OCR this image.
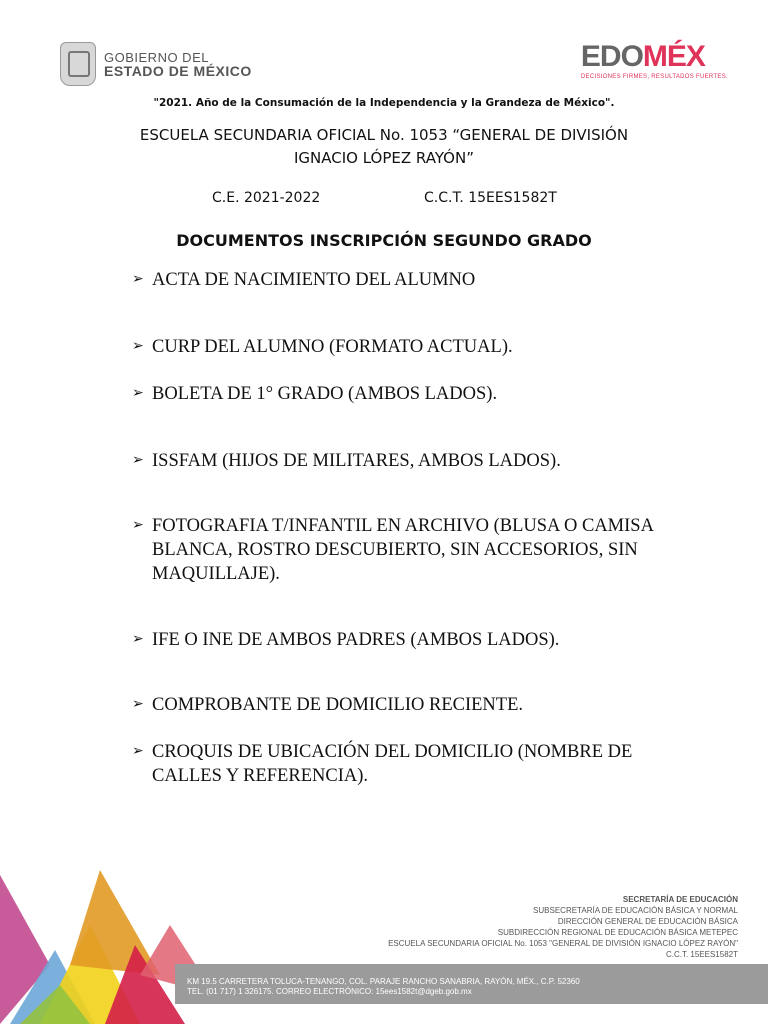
GOBIERNO DEL
ESTADO DE MÉXICO	EDOMÉX
DECISIONES FIRMES, RESULTADOS FUERTES.
"2021. Año de la Consumación de la Independencia y la Grandeza de México".
ESCUELA SECUNDARIA OFICIAL No. 1053 “GENERAL DE DIVISIÓN IGNACIO LÓPEZ RAYÓN”
C.E. 2021-2022	C.C.T. 15EES1582T
DOCUMENTOS INSCRIPCIÓN SEGUNDO GRADO
➢ ACTA DE NACIMIENTO DEL ALUMNO
➢ CURP DEL ALUMNO (FORMATO ACTUAL).
➢ BOLETA DE 1° GRADO (AMBOS LADOS).
➢ ISSFAM (HIJOS DE MILITARES, AMBOS LADOS).
➢ FOTOGRAFIA T/INFANTIL EN ARCHIVO (BLUSA O CAMISA BLANCA, ROSTRO DESCUBIERTO, SIN ACCESORIOS, SIN MAQUILLAJE).
➢ IFE O INE DE AMBOS PADRES (AMBOS LADOS).
➢ COMPROBANTE DE DOMICILIO RECIENTE.
➢ CROQUIS DE UBICACIÓN DEL DOMICILIO (NOMBRE DE CALLES Y REFERENCIA).
SECRETARÍA DE EDUCACIÓN
SUBSECRETARÍA DE EDUCACIÓN BÁSICA Y NORMAL
DIRECCIÓN GENERAL DE EDUCACIÓN BÁSICA
SUBDIRECCIÓN REGIONAL DE EDUCACIÓN BÁSICA METEPEC
ESCUELA SECUNDARIA OFICIAL No. 1053 "GENERAL DE DIVISIÓN IGNACIO LÓPEZ RAYÓN"
C.C.T. 15EES1582T
KM 19.5 CARRETERA TOLUCA-TENANGO, COL. PARAJE RANCHO SANABRIA, RAYÓN, MÉX., C.P. 52360
TEL. (01 717) 1 326175. CORREO ELECTRÓNICO: 15ees1582t@dgeb.gob.mx
